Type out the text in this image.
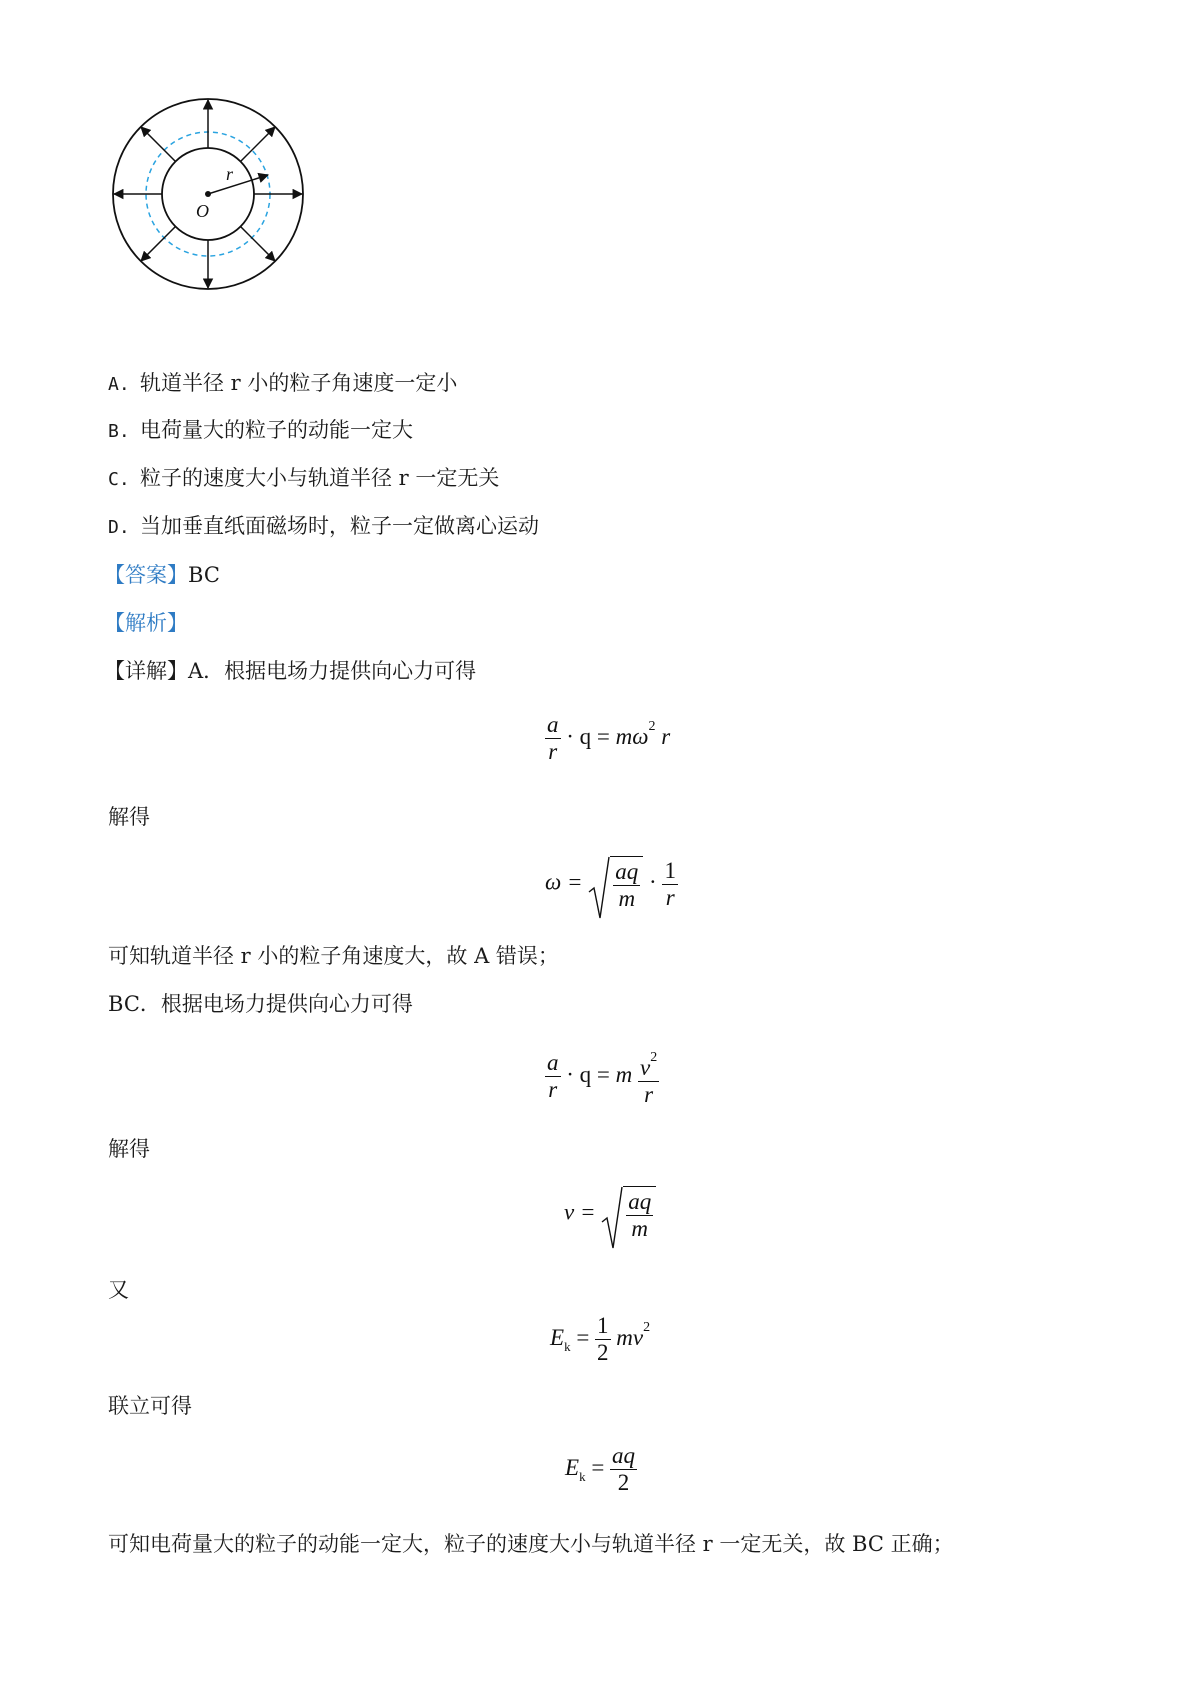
r
O
A. 轨道半径 r 小的粒子角速度一定小
B. 电荷量大的粒子的动能一定大
C. 粒子的速度大小与轨道半径 r 一定无关
D. 当加垂直纸面磁场时，粒子一定做离心运动
【答案】BC
【解析】
【详解】A．根据电场力提供向心力可得
$\frac{a}{r} \cdot q = m\omega^2$ r
解得
$\omega = \frac{aq}{m} \cdot \frac{1}{r}$
可知轨道半径 r 小的粒子角速度大，故 A 错误；
BC．根据电场力提供向心力可得
$\frac{a}{r} \cdot q = m \frac{v^2}{r}$
解得
$v = \frac{aq}{m}$
又
$E_k = \frac{1}{2} mv^2$
联立可得
$E_k = \frac{aq}{2}$
可知电荷量大的粒子的动能一定大，粒子的速度大小与轨道半径 r 一定无关，故 BC 正确；
